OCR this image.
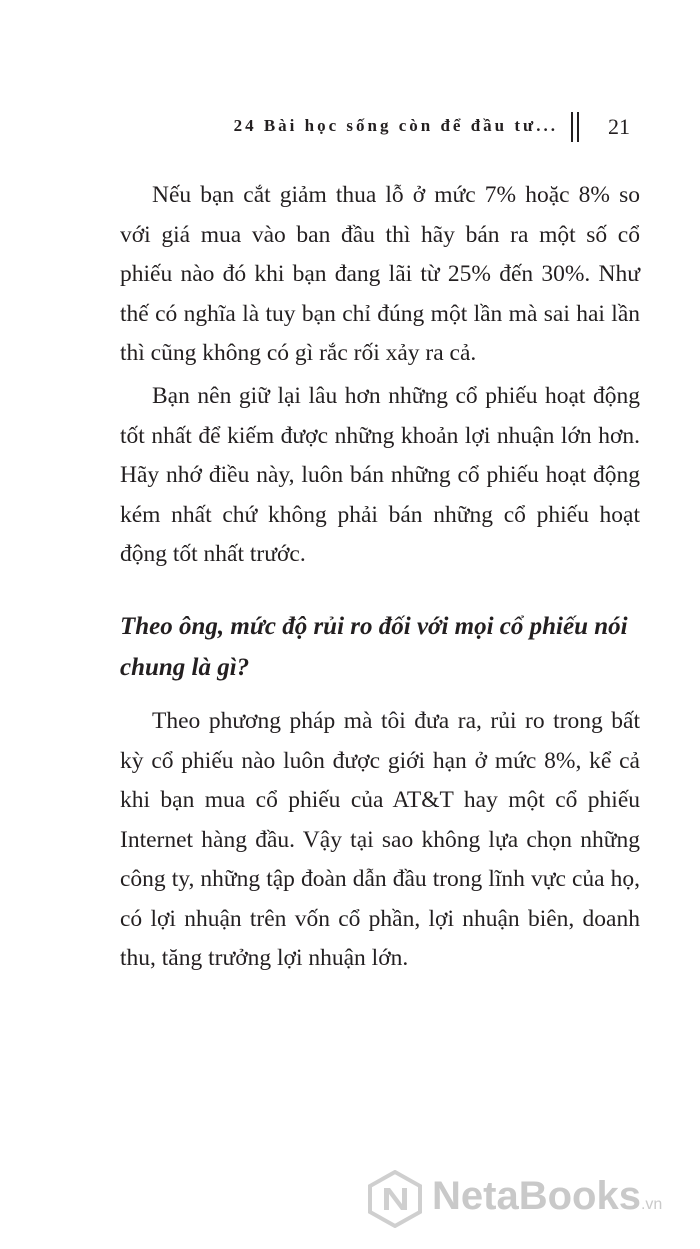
24 Bài học sống còn để đầu tư... 21

Nếu bạn cắt giảm thua lỗ ở mức 7% hoặc 8% so với giá mua vào ban đầu thì hãy bán ra một số cổ phiếu nào đó khi bạn đang lãi từ 25% đến 30%. Như thế có nghĩa là tuy bạn chỉ đúng một lần mà sai hai lần thì cũng không có gì rắc rối xảy ra cả.

Bạn nên giữ lại lâu hơn những cổ phiếu hoạt động tốt nhất để kiếm được những khoản lợi nhuận lớn hơn. Hãy nhớ điều này, luôn bán những cổ phiếu hoạt động kém nhất chứ không phải bán những cổ phiếu hoạt động tốt nhất trước.

Theo ông, mức độ rủi ro đối với mọi cổ phiếu nói chung là gì?

Theo phương pháp mà tôi đưa ra, rủi ro trong bất kỳ cổ phiếu nào luôn được giới hạn ở mức 8%, kể cả khi bạn mua cổ phiếu của AT&T hay một cổ phiếu Internet hàng đầu. Vậy tại sao không lựa chọn những công ty, những tập đoàn dẫn đầu trong lĩnh vực của họ, có lợi nhuận trên vốn cổ phần, lợi nhuận biên, doanh thu, tăng trưởng lợi nhuận lớn.

NetaBooks.vn
